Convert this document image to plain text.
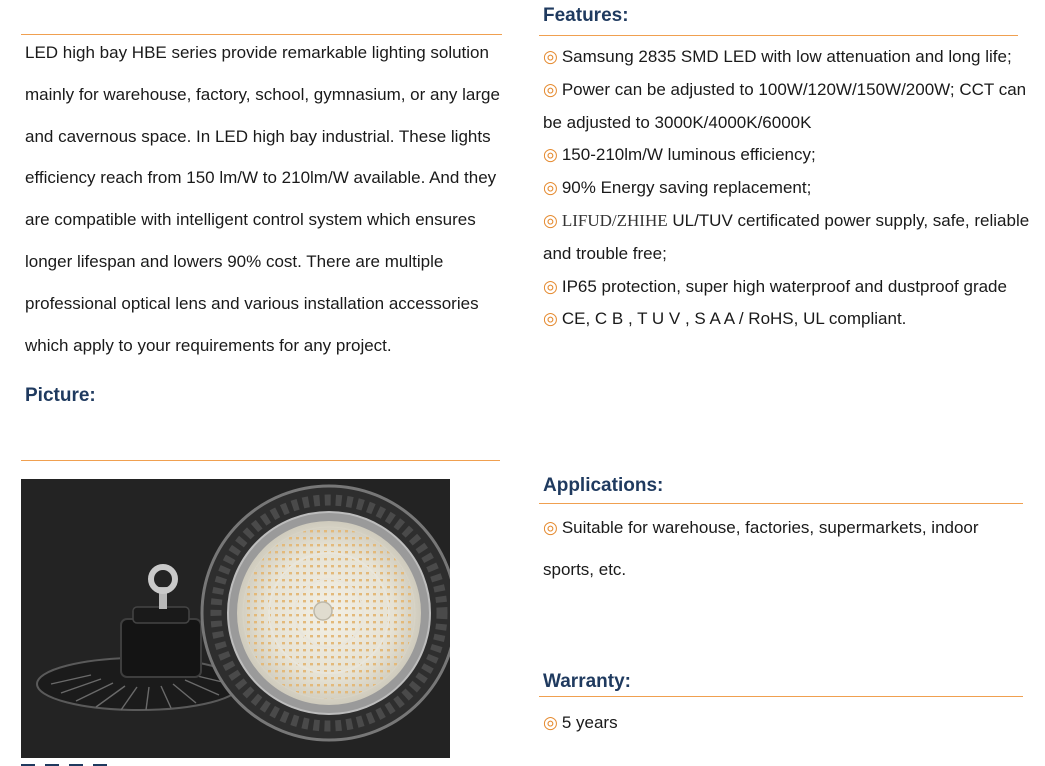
LED high bay HBE series provide remarkable lighting solution mainly for warehouse, factory, school, gymnasium, or any large and cavernous space. In LED high bay industrial. These lights efficiency reach from 150 lm/W to 210lm/W available. And they are compatible with intelligent control system which ensures longer lifespan and lowers 90% cost. There are multiple professional optical lens and various installation accessories which apply to your requirements for any project.

Picture:
Features:
◎ Samsung 2835 SMD LED with low attenuation and long life;
◎ Power can be adjusted to 100W/120W/150W/200W; CCT can be adjusted to 3000K/4000K/6000K
◎ 150-210lm/W luminous efficiency;
◎ 90% Energy saving replacement;
◎ LIFUD/ZHIHE UL/TUV certificated power supply, safe, reliable and trouble free;
◎ IP65 protection, super high waterproof and dustproof grade
◎ CE, C B , T U V , S A A / RoHS, UL compliant.
Applications:

◎ Suitable for warehouse, factories, supermarkets, indoor sports, etc.

Warranty:

◎ 5 years
